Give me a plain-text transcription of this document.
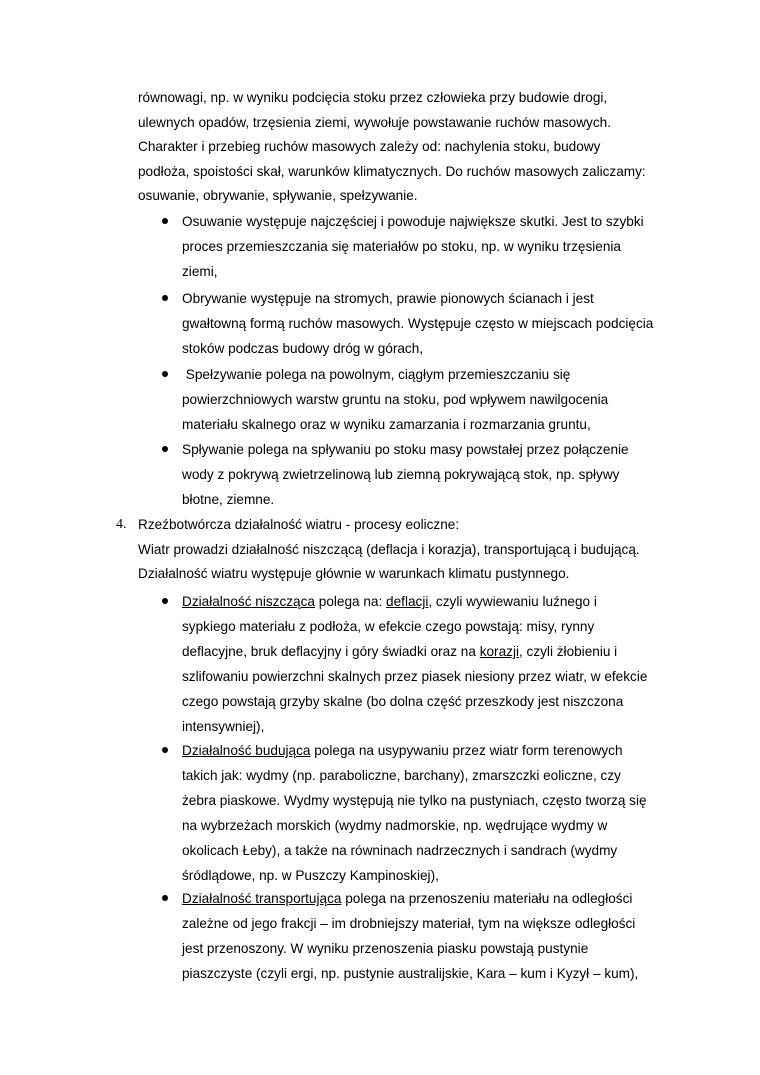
równowagi, np. w wyniku podcięcia stoku przez człowieka przy budowie drogi,
ulewnych opadów, trzęsienia ziemi, wywołuje powstawanie ruchów masowych.
Charakter i przebieg ruchów masowych zależy od: nachylenia stoku, budowy
podłoża, spoistości skał, warunków klimatycznych. Do ruchów masowych zaliczamy:
osuwanie, obrywanie, spływanie, spełzywanie.
Osuwanie występuje najczęściej i powoduje największe skutki. Jest to szybki
proces przemieszczania się materiałów po stoku, np. w wyniku trzęsienia
ziemi,
Obrywanie występuje na stromych, prawie pionowych ścianach i jest
gwałtowną formą ruchów masowych. Występuje często w miejscach podcięcia
stoków podczas budowy dróg w górach,
Spełzywanie polega na powolnym, ciągłym przemieszczaniu się
powierzchniowych warstw gruntu na stoku, pod wpływem nawilgocenia
materiału skalnego oraz w wyniku zamarzania i rozmarzania gruntu,
Spływanie polega na spływaniu po stoku masy powstałej przez połączenie
wody z pokrywą zwietrzelinową lub ziemną pokrywającą stok, np. spływy
błotne, ziemne.
4. Rzeźbotwórcza działalność wiatru - procesy eoliczne:
Wiatr prowadzi działalność niszczącą (deflacja i korazja), transportującą i budującą.
Działalność wiatru występuje głównie w warunkach klimatu pustynnego.
Działalność niszcząca polega na: deflacji, czyli wywiewaniu luźnego i
sypkiego materiału z podłoża, w efekcie czego powstają: misy, rynny
deflacyjne, bruk deflacyjny i góry świadki oraz na korazji, czyli żłobieniu i
szlifowaniu powierzchni skalnych przez piasek niesiony przez wiatr, w efekcie
czego powstają grzyby skalne (bo dolna część przeszkody jest niszczona
intensywniej),
Działalność budująca polega na usypywaniu przez wiatr form terenowych
takich jak: wydmy (np. paraboliczne, barchany), zmarszczki eoliczne, czy
żebra piaskowe. Wydmy występują nie tylko na pustyniach, często tworzą się
na wybrzeżach morskich (wydmy nadmorskie, np. wędrujące wydmy w
okolicach Łeby), a także na równinach nadrzecznych i sandrach (wydmy
śródlądowe, np. w Puszczy Kampinoskiej),
Działalność transportująca polega na przenoszeniu materiału na odległości
zależne od jego frakcji – im drobniejszy materiał, tym na większe odległości
jest przenoszony. W wyniku przenoszenia piasku powstają pustynie
piaszczyste (czyli ergi, np. pustynie australijskie, Kara – kum i Kyzył – kum),
